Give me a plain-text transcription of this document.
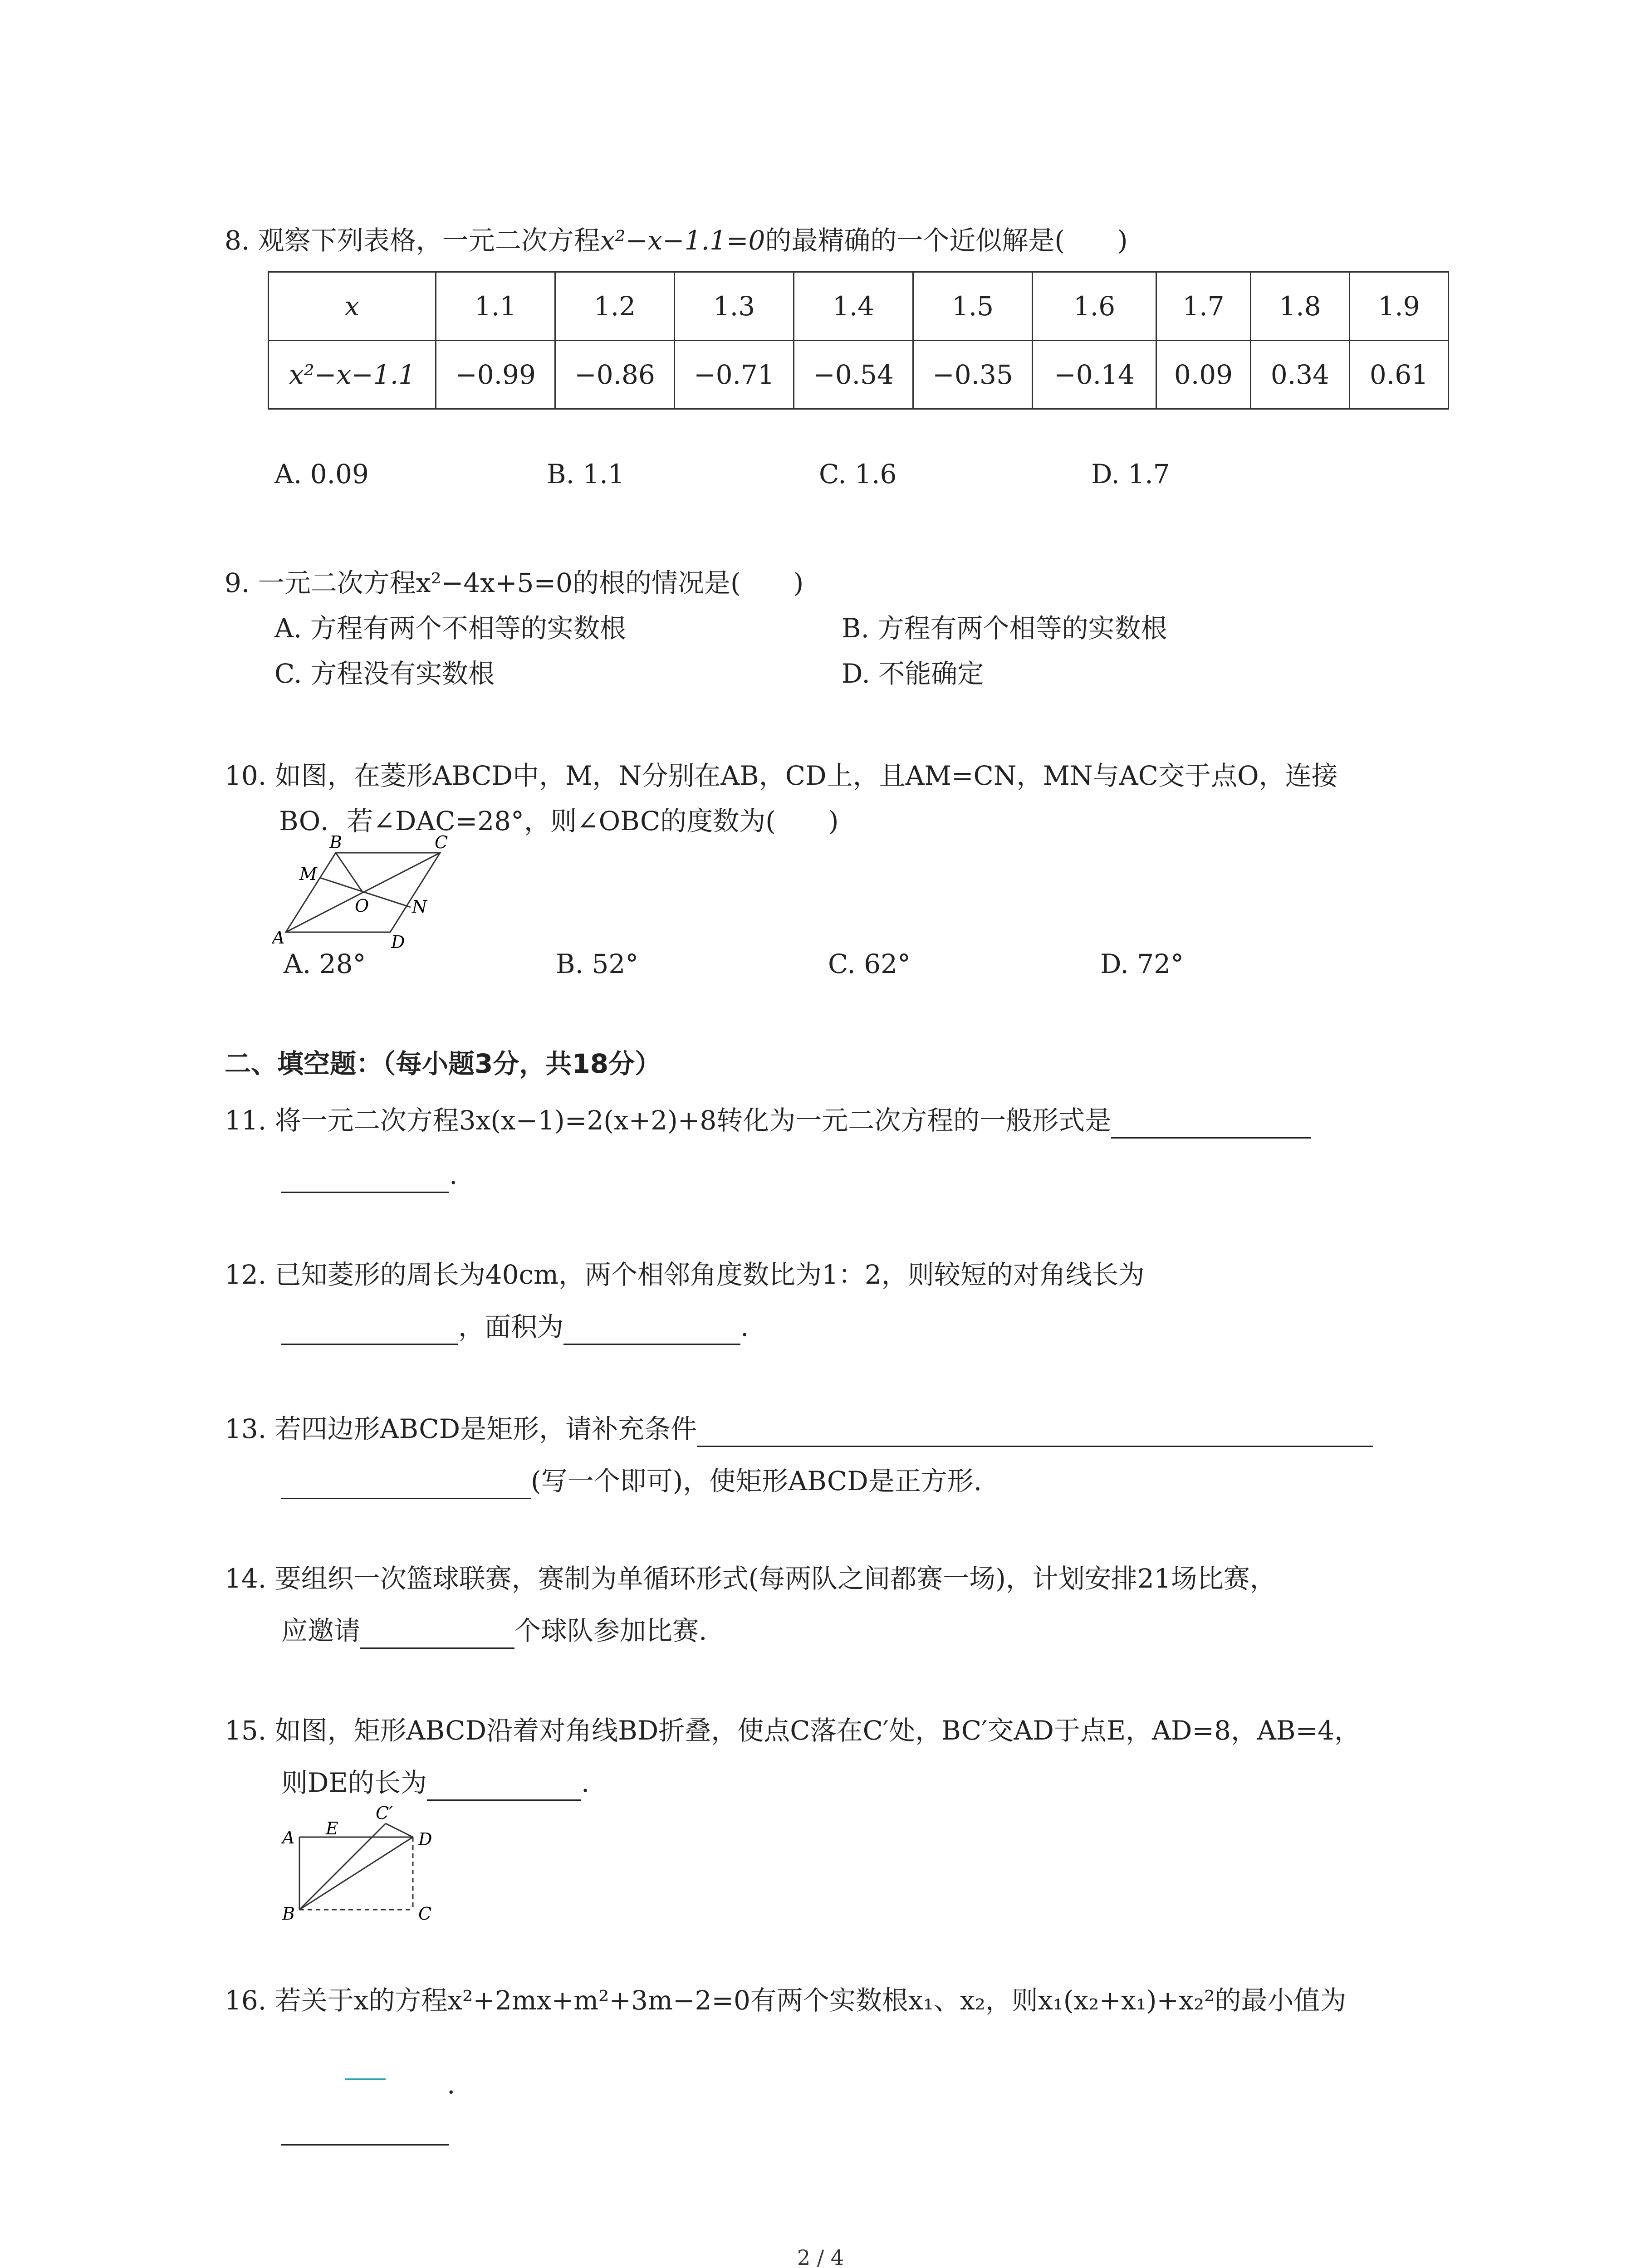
8. 观察下列表格，一元二次方程x²−x−1.1=0的最精确的一个近似解是(　　)
x	1.1	1.2	1.3	1.4	1.5	1.6	1.7	1.8	1.9
x²−x−1.1	−0.99	−0.86	−0.71	−0.54	−0.35	−0.14	0.09	0.34	0.61
A. 0.09	B. 1.1	C. 1.6	D. 1.7
9. 一元二次方程x²−4x+5=0的根的情况是(　　)
A. 方程有两个不相等的实数根	B. 方程有两个相等的实数根
C. 方程没有实数根	D. 不能确定
10. 如图，在菱形ABCD中，M，N分别在AB，CD上，且AM=CN，MN与AC交于点O，连接
BO．若∠DAC=28°，则∠OBC的度数为(　　)
A
B	C
D
M
N
O
A. 28°	B. 52°	C. 62°	D. 72°
二、填空题：（每小题3分，共18分）
11. 将一元二次方程3x(x−1)=2(x+2)+8转化为一元二次方程的一般形式是
.
12. 已知菱形的周长为40cm，两个相邻角度数比为1：2，则较短的对角线长为
，面积为	.
13. 若四边形ABCD是矩形，请补充条件
(写一个即可)，使矩形ABCD是正方形.
14. 要组织一次篮球联赛，赛制为单循环形式(每两队之间都赛一场)，计划安排21场比赛，
应邀请	个球队参加比赛.
15. 如图，矩形ABCD沿着对角线BD折叠，使点C落在C′处，BC′交AD于点E，AD=8，AB=4，
则DE的长为	.
A
B	C
D
E
C′
16. 若关于x的方程x²+2mx+m²+3m−2=0有两个实数根x₁、x₂，则x₁(x₂+x₁)+x₂²的最小值为
.
2 / 4
